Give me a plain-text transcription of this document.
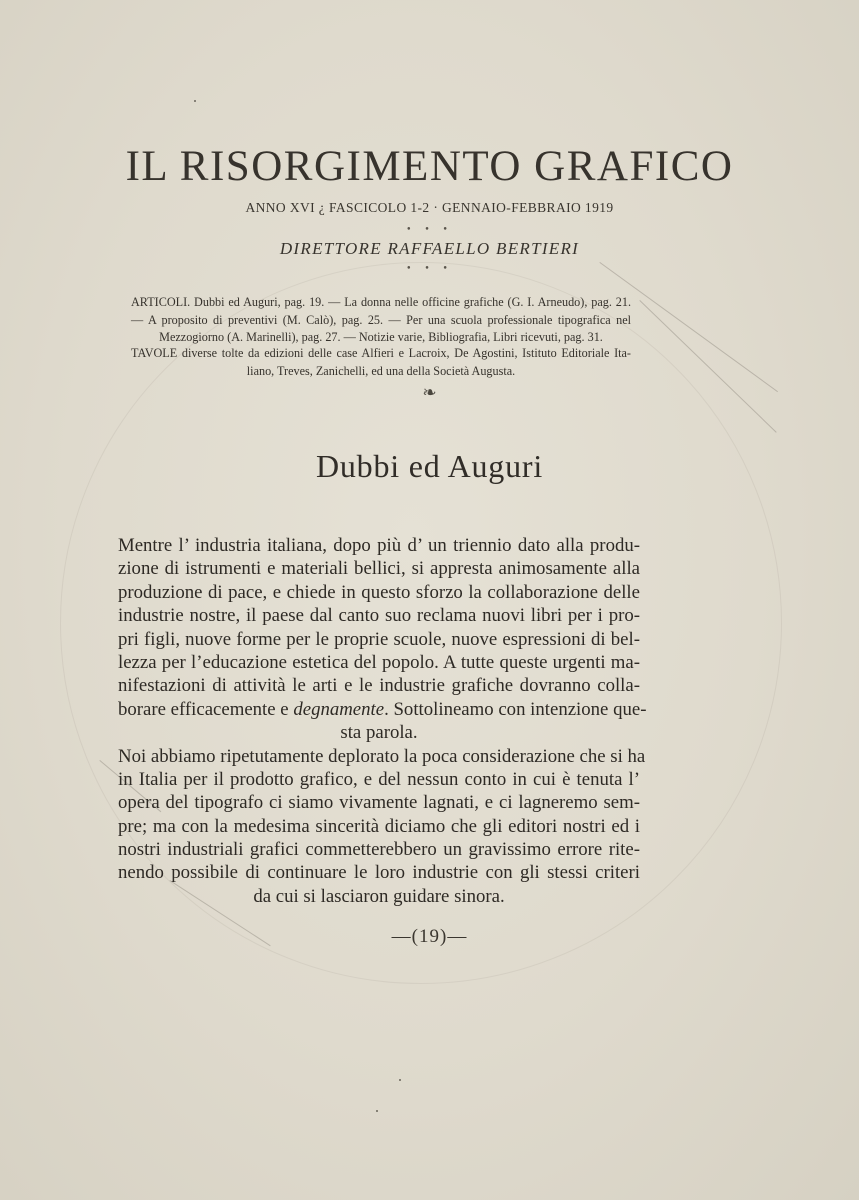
IL RISORGIMENTO GRAFICO
ANNO XVI ¿ FASCICOLO 1-2 · GENNAIO-FEBBRAIO 1919
• • •
DIRETTORE RAFFAELLO BERTIERI
• • •
ARTICOLI. Dubbi ed Auguri, pag. 19. — La donna nelle officine grafiche (G. I. Arneudo), pag. 21.
— A proposito di preventivi (M. Calò), pag. 25. — Per una scuola professionale tipografica nel
Mezzogiorno (A. Marinelli), pag. 27. — Notizie varie, Bibliografia, Libri ricevuti, pag. 31.
TAVOLE diverse tolte da edizioni delle case Alfieri e Lacroix, De Agostini, Istituto Editoriale Ita-
liano, Treves, Zanichelli, ed una della Società Augusta.
❧
Dubbi ed Auguri
Mentre l’ industria italiana, dopo più d’ un triennio dato alla produ-
zione di istrumenti e materiali bellici, si appresta animosamente alla
produzione di pace, e chiede in questo sforzo la collaborazione delle
industrie nostre, il paese dal canto suo reclama nuovi libri per i pro-
pri figli, nuove forme per le proprie scuole, nuove espressioni di bel-
lezza per l’educazione estetica del popolo. A tutte queste urgenti ma-
nifestazioni di attività le arti e le industrie grafiche dovranno colla-
borare efficacemente e degnamente. Sottolineamo con intenzione que-
sta parola.
Noi abbiamo ripetutamente deplorato la poca considerazione che si ha
in Italia per il prodotto grafico, e del nessun conto in cui è tenuta l’
opera del tipografo ci siamo vivamente lagnati, e ci lagneremo sem-
pre; ma con la medesima sincerità diciamo che gli editori nostri ed i
nostri industriali grafici commetterebbero un gravissimo errore rite-
nendo possibile di continuare le loro industrie con gli stessi criteri
da cui si lasciaron guidare sinora.
—(19)—
